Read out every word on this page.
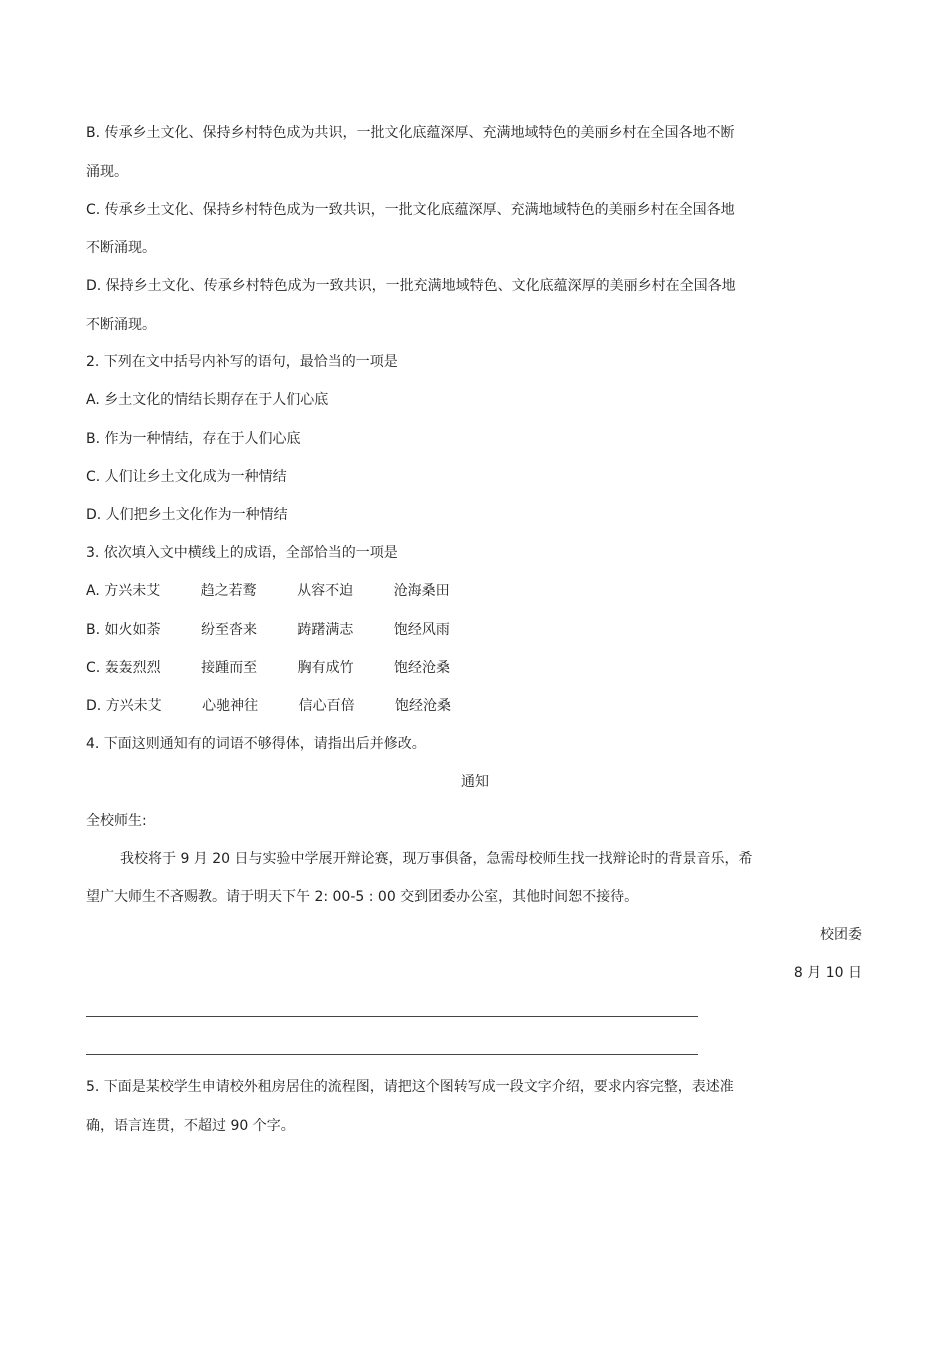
B. 传承乡土文化、保持乡村特色成为共识，一批文化底蕴深厚、充满地域特色的美丽乡村在全国各地不断
涌现。
C. 传承乡土文化、保持乡村特色成为一致共识，一批文化底蕴深厚、充满地域特色的美丽乡村在全国各地
不断涌现。
D. 保持乡土文化、传承乡村特色成为一致共识，一批充满地域特色、文化底蕴深厚的美丽乡村在全国各地
不断涌现。
2. 下列在文中括号内补写的语句，最恰当的一项是
A. 乡土文化的情结长期存在于人们心底
B. 作为一种情结，存在于人们心底
C. 人们让乡土文化成为一种情结
D. 人们把乡土文化作为一种情结
3. 依次填入文中横线上的成语，全部恰当的一项是
A. 方兴未艾	趋之若鹜	从容不迫	沧海桑田
B. 如火如荼	纷至沓来	踌躇满志	饱经风雨
C. 轰轰烈烈	接踵而至	胸有成竹	饱经沧桑
D. 方兴未艾	心驰神往	信心百倍	饱经沧桑
4. 下面这则通知有的词语不够得体，请指出后并修改。
通知
全校师生:
我校将于 9 月 20 日与实验中学展开辩论赛，现万事俱备，急需母校师生找一找辩论时的背景音乐，希
望广大师生不吝赐教。请于明天下午 2: 00-5 : 00 交到团委办公室，其他时间恕不接待。
校团委
8 月 10 日
5. 下面是某校学生申请校外租房居住的流程图，请把这个图转写成一段文字介绍，要求内容完整，表述准
确，语言连贯，不超过 90 个字。
